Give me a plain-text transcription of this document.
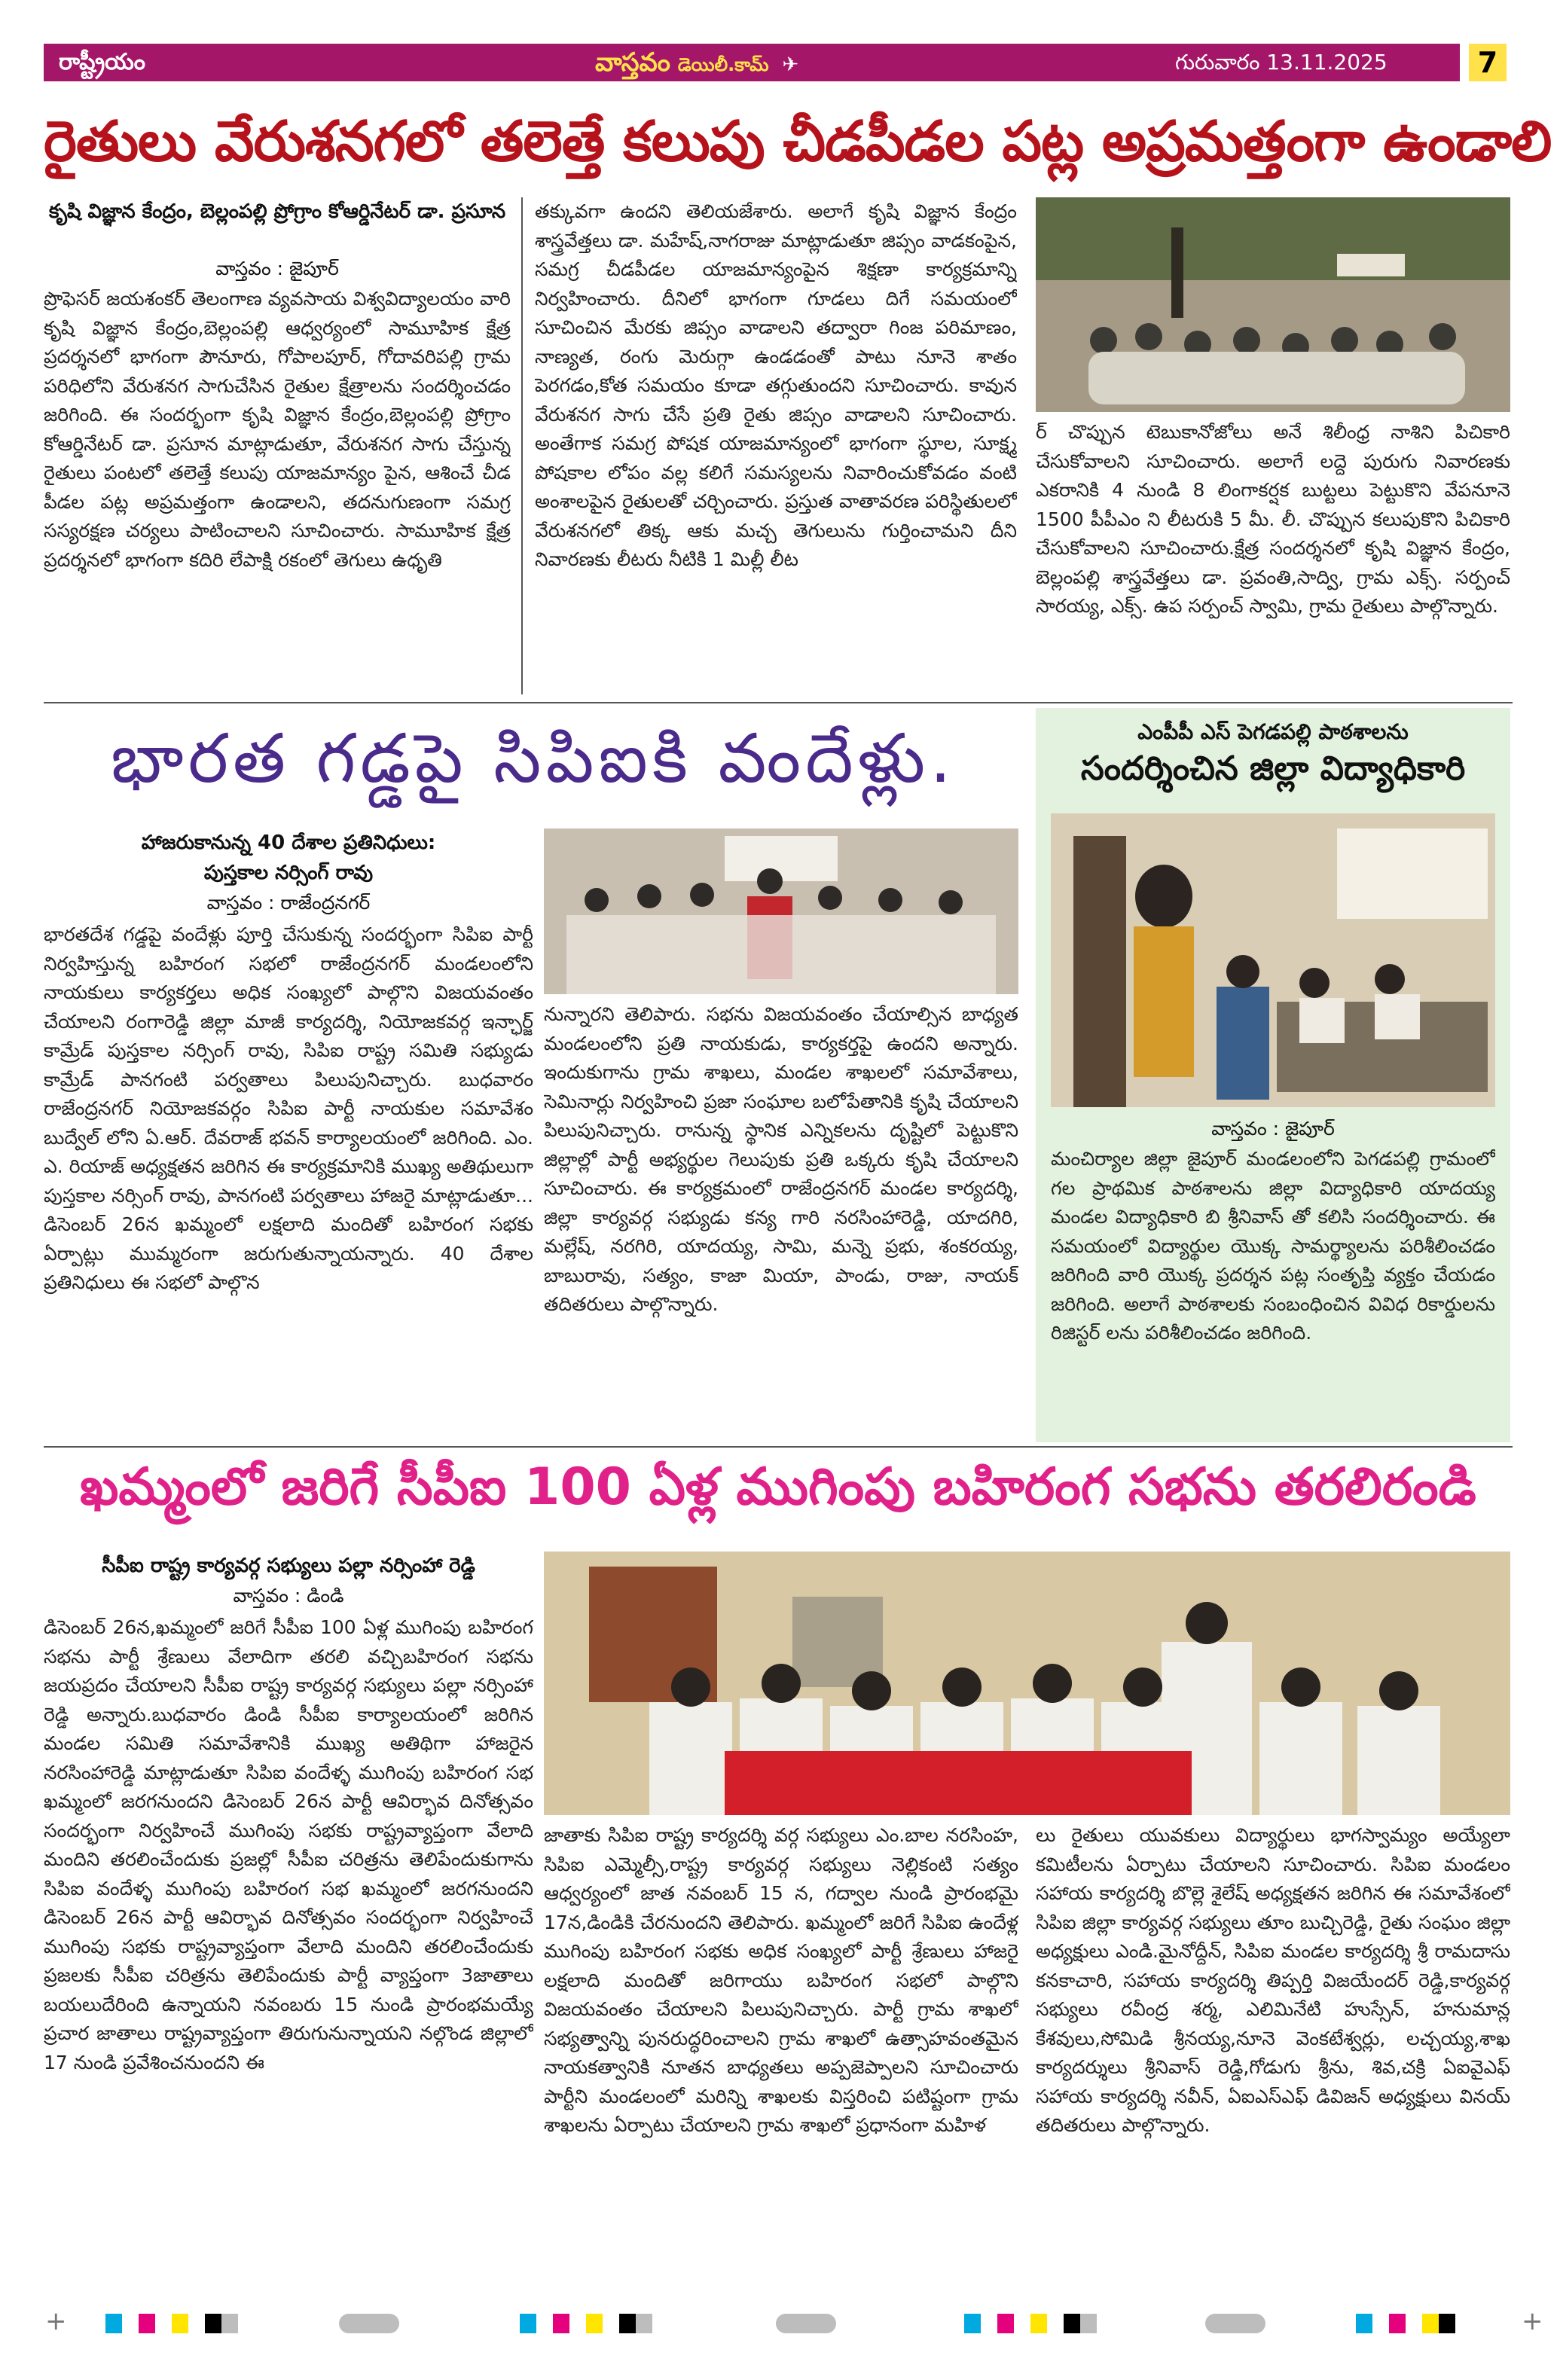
రాష్ట్రీయం	వాస్తవం డెయిలీ.కామ్ ✈	గురువారం 13.11.2025	7
రైతులు వేరుశనగలో తలెత్తే కలుపు చీడపీడల పట్ల అప్రమత్తంగా ఉండాలి
కృషి విజ్ఞాన కేంద్రం, బెల్లంపల్లి ప్రోగ్రాం కోఆర్డినేటర్ డా. ప్రసూన
వాస్తవం : జైపూర్
ప్రొఫెసర్ జయశంకర్ తెలంగాణ వ్యవసాయ విశ్వవిద్యాలయం వారి కృషి విజ్ఞాన కేంద్రం,బెల్లంపల్లి ఆధ్వర్యంలో సామూహిక క్షేత్ర ప్రదర్శనలో భాగంగా పౌనూరు, గోపాలపూర్, గోదావరిపల్లి గ్రామ పరిధిలోని వేరుశనగ సాగుచేసిన రైతుల క్షేత్రాలను సందర్శించడం జరిగింది. ఈ సందర్భంగా కృషి విజ్ఞాన కేంద్రం,బెల్లంపల్లి ప్రోగ్రాం కోఆర్డినేటర్ డా. ప్రసూన మాట్లాడుతూ, వేరుశనగ సాగు చేస్తున్న రైతులు పంటలో తలెత్తే కలుపు యాజమాన్యం పైన, ఆశించే చీడ పీడల పట్ల అప్రమత్తంగా ఉండాలని, తదనుగుణంగా సమగ్ర సస్యరక్షణ చర్యలు పాటించాలని సూచించారు. సామూహిక క్షేత్ర ప్రదర్శనలో భాగంగా కదిరి లేపాక్షి రకంలో తెగులు ఉధృతి
తక్కువగా ఉందని తెలియజేశారు. అలాగే కృషి విజ్ఞాన కేంద్రం శాస్త్రవేత్తలు డా. మహేష్,నాగరాజు మాట్లాడుతూ జిప్సం వాడకంపైన, సమగ్ర చీడపీడల యాజమాన్యంపైన శిక్షణా కార్యక్రమాన్ని నిర్వహించారు. దీనిలో భాగంగా గూడలు దిగే సమయంలో సూచించిన మేరకు జిప్సం వాడాలని తద్వారా గింజ పరిమాణం, నాణ్యత, రంగు మెరుగ్గా ఉండడంతో పాటు నూనె శాతం పెరగడం,కోత సమయం కూడా తగ్గుతుందని సూచించారు. కావున వేరుశనగ సాగు చేసే ప్రతి రైతు జిప్సం వాడాలని సూచించారు. అంతేగాక సమగ్ర పోషక యాజమాన్యంలో భాగంగా స్థూల, సూక్ష్మ పోషకాల లోపం వల్ల కలిగే సమస్యలను నివారించుకోవడం వంటి అంశాలపైన రైతులతో చర్చించారు. ప్రస్తుత వాతావరణ పరిస్థితులలో వేరుశనగలో తిక్క ఆకు మచ్చ తెగులును గుర్తించామని దీని నివారణకు లీటరు నీటికి 1 మిల్లీ లీట
ర్ చొప్పున టెబుకానోజోలు అనే శిలీంధ్ర నాశిని పిచికారి చేసుకోవాలని సూచించారు. అలాగే లద్దె పురుగు నివారణకు ఎకరానికి 4 నుండి 8 లింగాకర్షక బుట్టలు పెట్టుకొని వేపనూనె 1500 పీపీఎం ని లీటరుకి 5 మీ. లీ. చొప్పున కలుపుకొని పిచికారి చేసుకోవాలని సూచించారు.క్షేత్ర సందర్శనలో కృషి విజ్ఞాన కేంద్రం, బెల్లంపల్లి శాస్త్రవేత్తలు డా. ప్రవంతి,సాద్వి, గ్రామ ఎక్స్. సర్పంచ్ సారయ్య, ఎక్స్. ఉప సర్పంచ్ స్వామి, గ్రామ రైతులు పాల్గొన్నారు.
భారత గడ్డపై సిపిఐకి వందేళ్లు.
హాజరుకానున్న 40 దేశాల ప్రతినిధులు:
పుస్తకాల నర్సింగ్ రావు
వాస్తవం : రాజేంద్రనగర్
భారతదేశ గడ్డపై వందేళ్లు పూర్తి చేసుకున్న సందర్భంగా సిపిఐ పార్టీ నిర్వహిస్తున్న బహిరంగ సభలో రాజేంద్రనగర్ మండలంలోని నాయకులు కార్యకర్తలు అధిక సంఖ్యలో పాల్గొని విజయవంతం చేయాలని రంగారెడ్డి జిల్లా మాజీ కార్యదర్శి, నియోజకవర్గ ఇన్ఛార్జ్ కామ్రేడ్ పుస్తకాల నర్సింగ్ రావు, సిపిఐ రాష్ట్ర సమితి సభ్యుడు కామ్రేడ్ పానగంటి పర్వతాలు పిలుపునిచ్చారు. బుధవారం రాజేంద్రనగర్ నియోజకవర్గం సిపిఐ పార్టీ నాయకుల సమావేశం బుద్వేల్ లోని ఏ.ఆర్. దేవరాజ్ భవన్ కార్యాలయంలో జరిగింది. ఎం. ఎ. రియాజ్ అధ్యక్షతన జరిగిన ఈ కార్యక్రమానికి ముఖ్య అతిథులుగా పుస్తకాల నర్సింగ్ రావు, పానగంటి పర్వతాలు హాజరై మాట్లాడుతూ... డిసెంబర్ 26న ఖమ్మంలో లక్షలాది మందితో బహిరంగ సభకు ఏర్పాట్లు ముమ్మరంగా జరుగుతున్నాయన్నారు. 40 దేశాల ప్రతినిధులు ఈ సభలో పాల్గొన
నున్నారని తెలిపారు. సభను విజయవంతం చేయాల్సిన బాధ్యత మండలంలోని ప్రతి నాయకుడు, కార్యకర్తపై ఉందని అన్నారు. ఇందుకుగాను గ్రామ శాఖలు, మండల శాఖలలో సమావేశాలు, సెమినార్లు నిర్వహించి ప్రజా సంఘాల బలోపేతానికి కృషి చేయాలని పిలుపునిచ్చారు. రానున్న స్థానిక ఎన్నికలను దృష్టిలో పెట్టుకొని జిల్లాల్లో పార్టీ అభ్యర్థుల గెలుపుకు ప్రతి ఒక్కరు కృషి చేయాలని సూచించారు. ఈ కార్యక్రమంలో రాజేంద్రనగర్ మండల కార్యదర్శి, జిల్లా కార్యవర్గ సభ్యుడు కన్య గారి నరసింహారెడ్డి, యాదగిరి, మల్లేష్, నరగిరి, యాదయ్య, సామి, మన్నె ప్రభు, శంకరయ్య, బాబురావు, సత్యం, కాజా మియా, పాండు, రాజు, నాయక్ తదితరులు పాల్గొన్నారు.
ఎంపీపీ ఎస్ పెగడపల్లి పాఠశాలను
సందర్శించిన జిల్లా విద్యాధికారి
వాస్తవం : జైపూర్
మంచిర్యాల జిల్లా జైపూర్ మండలంలోని పెగడపల్లి గ్రామంలో గల ప్రాథమిక పాఠశాలను జిల్లా విద్యాధికారి యాదయ్య మండల విద్యాధికారి బి శ్రీనివాస్ తో కలిసి సందర్శించారు. ఈ సమయంలో విద్యార్థుల యొక్క సామర్థ్యాలను పరిశీలించడం జరిగింది వారి యొక్క ప్రదర్శన పట్ల సంతృప్తి వ్యక్తం చేయడం జరిగింది. అలాగే పాఠశాలకు సంబంధించిన వివిధ రికార్డులను రిజిస్టర్ లను పరిశీలించడం జరిగింది.
ఖమ్మంలో జరిగే సీపీఐ 100 ఏళ్ల ముగింపు బహిరంగ సభను తరలిరండి
సీపీఐ రాష్ట్ర కార్యవర్గ సభ్యులు పల్లా నర్సింహా రెడ్డి
వాస్తవం : డిండి
డిసెంబర్ 26న,ఖమ్మంలో జరిగే సీపీఐ 100 ఏళ్ల ముగింపు బహిరంగ సభను పార్టీ శ్రేణులు వేలాదిగా తరలి వచ్చిబహిరంగ సభను జయప్రదం చేయాలని సీపీఐ రాష్ట్ర కార్యవర్గ సభ్యులు పల్లా నర్సింహా రెడ్డి అన్నారు.బుధవారం డిండి సీపీఐ కార్యాలయంలో జరిగిన మండల సమితి సమావేశానికి ముఖ్య అతిథిగా హాజరైన నరసింహారెడ్డి మాట్లాడుతూ సిపిఐ వందేళ్ళ ముగింపు బహిరంగ సభ ఖమ్మంలో జరగనుందని డిసెంబర్ 26న పార్టీ ఆవిర్భావ దినోత్సవం సందర్భంగా నిర్వహించే ముగింపు సభకు రాష్ట్రవ్యాప్తంగా వేలాది మందిని తరలించేందుకు ప్రజల్లో సీపీఐ చరిత్రను తెలిపేందుకుగాను సిపిఐ వందేళ్ళ ముగింపు బహిరంగ సభ ఖమ్మంలో జరగనుందని డిసెంబర్ 26న పార్టీ ఆవిర్భావ దినోత్సవం సందర్భంగా నిర్వహించే ముగింపు సభకు రాష్ట్రవ్యాప్తంగా వేలాది మందిని తరలించేందుకు ప్రజలకు సీపీఐ చరిత్రను తెలిపేందుకు పార్టీ వ్యాప్తంగా 3జాతాలు బయలుదేరింది ఉన్నాయని నవంబరు 15 నుండి ప్రారంభమయ్యే ప్రచార జాతాలు రాష్ట్రవ్యాప్తంగా తిరుగునున్నాయని నల్గొండ జిల్లాలో 17 నుండి ప్రవేశించనుందని ఈ
జాతాకు సిపిఐ రాష్ట్ర కార్యదర్శి వర్గ సభ్యులు ఎం.బాల నరసింహ, సిపిఐ ఎమ్మెల్సీ,రాష్ట్ర కార్యవర్గ సభ్యులు నెల్లికంటి సత్యం ఆధ్వర్యంలో జాత నవంబర్ 15 న, గద్వాల నుండి ప్రారంభమై 17న,డిండికి చేరనుందని తెలిపారు. ఖమ్మంలో జరిగే సిపిఐ ఉందేళ్ల ముగింపు బహిరంగ సభకు అధిక సంఖ్యలో పార్టీ శ్రేణులు హాజరై లక్షలాది మందితో జరిగాయు బహిరంగ సభలో పాల్గొని విజయవంతం చేయాలని పిలుపునిచ్చారు. పార్టీ గ్రామ శాఖలో సభ్యత్వాన్ని పునరుద్ధరించాలని గ్రామ శాఖలో ఉత్సాహవంతమైన నాయకత్వానికి నూతన బాధ్యతలు అప్పజెప్పాలని సూచించారు పార్టీని మండలంలో మరిన్ని శాఖలకు విస్తరించి పటిష్టంగా గ్రామ శాఖలను ఏర్పాటు చేయాలని గ్రామ శాఖలో ప్రధానంగా మహిళ
లు రైతులు యువకులు విద్యార్థులు భాగస్వామ్యం అయ్యేలా కమిటీలను ఏర్పాటు చేయాలని సూచించారు. సిపిఐ మండలం సహాయ కార్యదర్శి బొల్లె శైలేష్ అధ్యక్షతన జరిగిన ఈ సమావేశంలో సిపిఐ జిల్లా కార్యవర్గ సభ్యులు తూం బుచ్చిరెడ్డి, రైతు సంఘం జిల్లా అధ్యక్షులు ఎండి.మైనోద్దీన్, సిపిఐ మండల కార్యదర్శి శ్రీ రామదాసు కనకాచారి, సహాయ కార్యదర్శి తిప్పర్తి విజయేందర్ రెడ్డి,కార్యవర్గ సభ్యులు రవీంద్ర శర్మ, ఎలిమినేటి హుస్సేన్, హనుమాన్ల కేశవులు,సోమిడి శ్రీనయ్య,నూనె వెంకటేశ్వర్లు, లచ్చయ్య,శాఖ కార్యదర్శులు శ్రీనివాస్ రెడ్డి,గోడుగు శ్రీను, శివ,చక్రి ఏఐవైఎఫ్ సహాయ కార్యదర్శి నవీన్, ఏఐఎస్ఎఫ్ డివిజన్ అధ్యక్షులు వినయ్ తదితరులు పాల్గొన్నారు.
+	+
